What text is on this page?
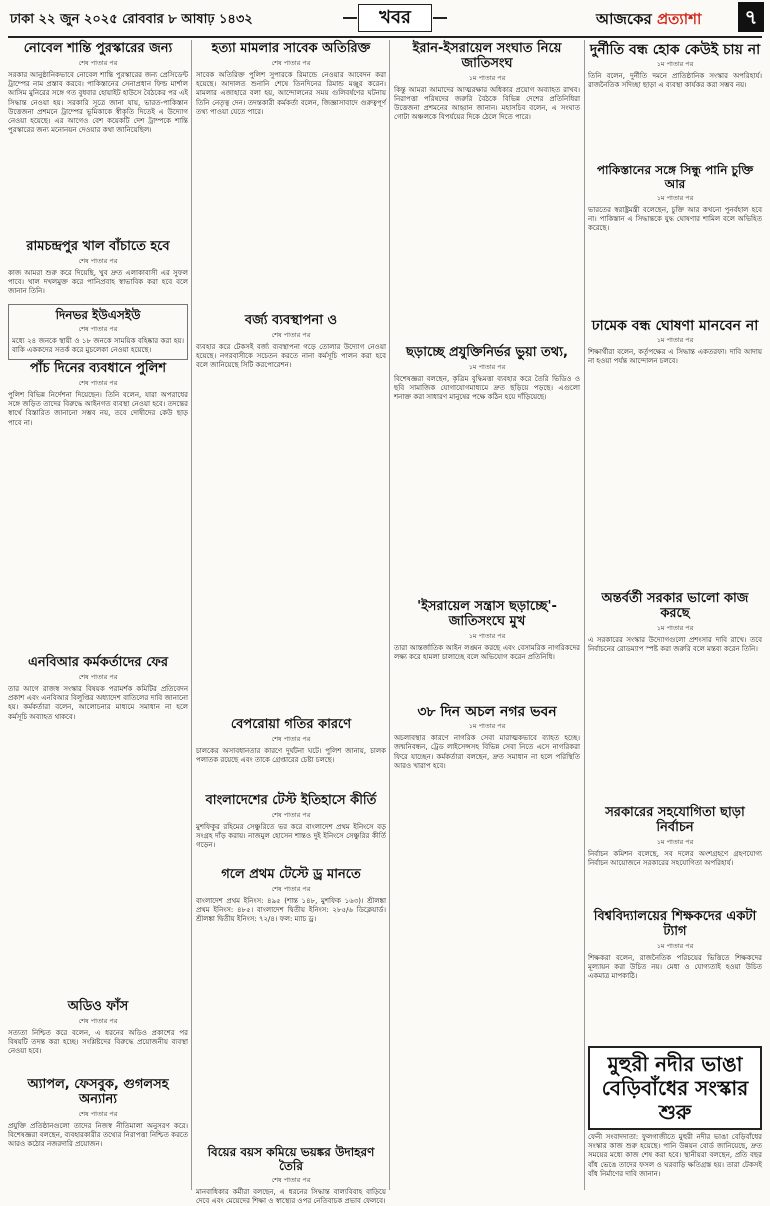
ঢাকা ২২ জুন ২০২৫ রোববার ৮ আষাঢ় ১৪৩২	খবর	আজকের প্রত্যাশা	৭
নোবেল শান্তি পুরস্কারের জন্য
শেষ পাতার পর
সরকার আনুষ্ঠানিকভাবে নোবেল শান্তি পুরস্কারের জন্য প্রেসিডেন্ট ট্রাম্পের নাম প্রস্তাব করবে। পাকিস্তানের সেনাপ্রধান ফিল্ড মার্শাল আসিম মুনিরের সঙ্গে গত বুধবার হোয়াইট হাউসে বৈঠকের পর এই সিদ্ধান্ত নেওয়া হয়। সরকারি সূত্রে জানা যায়, ভারত-পাকিস্তান উত্তেজনা প্রশমনে ট্রাম্পের ভূমিকাকে স্বীকৃতি দিতেই এ উদ্যোগ নেওয়া হয়েছে। এর আগেও বেশ কয়েকটি দেশ ট্রাম্পকে শান্তি পুরস্কারের জন্য মনোনয়ন দেওয়ার কথা জানিয়েছিল।
রামচন্দ্রপুর খাল বাঁচাতে হবে
শেষ পাতার পর
কাজ আমরা শুরু করে দিয়েছি, খুব দ্রুত এলাকাবাসী এর সুফল পাবে। খাল দখলমুক্ত করে পানিপ্রবাহ স্বাভাবিক করা হবে বলে জানান তিনি।
দিনভর ইউএসইউ
শেষ পাতার পর
মধ্যে ২৪ জনকে স্থায়ী ও ১৮ জনকে সাময়িক বহিষ্কার করা হয়। বাকি এককদের সতর্ক করে মুচলেকা নেওয়া হয়েছে।
পাঁচ দিনের ব্যবধানে পুলিশ
শেষ পাতার পর
পুলিশ বিভিন্ন নির্দেশনা দিয়েছেন। তিনি বলেন, যারা অপরাধের সঙ্গে জড়িত তাদের বিরুদ্ধে আইনগত ব্যবস্থা নেওয়া হবে। তদন্তের স্বার্থে বিস্তারিত জানানো সম্ভব নয়, তবে দোষীদের কেউ ছাড় পাবে না।
এনবিআর কর্মকর্তাদের ফের
শেষ পাতার পর
তার আগে রাজস্ব সংস্কার বিষয়ক পরামর্শক কমিটির প্রতিবেদন প্রকাশ এবং এনবিআর বিলুপ্তির অধ্যাদেশ বাতিলের দাবি জানানো হয়। কর্মকর্তারা বলেন, আলোচনার মাধ্যমে সমাধান না হলে কর্মসূচি অব্যাহত থাকবে।
অডিও ফাঁস
শেষ পাতার পর
সত্যতা নিশ্চিত করে বলেন, এ ধরনের অডিও প্রকাশের পর বিষয়টি তদন্ত করা হচ্ছে। সংশ্লিষ্টদের বিরুদ্ধে প্রয়োজনীয় ব্যবস্থা নেওয়া হবে।
অ্যাপল, ফেসবুক, গুগলসহ অন্যান্য
শেষ পাতার পর
প্রযুক্তি প্রতিষ্ঠানগুলো তাদের নিজস্ব নীতিমালা অনুসরণ করে। বিশেষজ্ঞরা বলছেন, ব্যবহারকারীর তথ্যের নিরাপত্তা নিশ্চিত করতে আরও কঠোর নজরদারি প্রয়োজন।
হত্যা মামলার সাবেক অতিরিক্ত
শেষ পাতার পর
সাবেক অতিরিক্ত পুলিশ সুপারকে রিমান্ডে নেওয়ার আবেদন করা হয়েছে। আদালত শুনানি শেষে তিনদিনের রিমান্ড মঞ্জুর করেন। মামলার এজাহারে বলা হয়, আন্দোলনের সময় গুলিবর্ষণের ঘটনায় তিনি নেতৃত্ব দেন। তদন্তকারী কর্মকর্তা বলেন, জিজ্ঞাসাবাদে গুরুত্বপূর্ণ তথ্য পাওয়া যেতে পারে।
বর্জ্য ব্যবস্থাপনা ও
শেষ পাতার পর
ব্যবহার করে টেকসই বর্জ্য ব্যবস্থাপনা গড়ে তোলার উদ্যোগ নেওয়া হয়েছে। নগরবাসীকে সচেতন করতে নানা কর্মসূচি পালন করা হবে বলে জানিয়েছে সিটি করপোরেশন।
বেপরোয়া গতির কারণে
শেষ পাতার পর
চালকের অসাবধানতার কারণে দুর্ঘটনা ঘটে। পুলিশ জানায়, চালক পলাতক রয়েছে এবং তাকে গ্রেপ্তারের চেষ্টা চলছে।
বাংলাদেশের টেস্ট ইতিহাসে কীর্তি
শেষ পাতার পর
মুশফিকুর রহিমের সেঞ্চুরিতে ভর করে বাংলাদেশ প্রথম ইনিংসে বড় সংগ্রহ দাঁড় করায়। নাজমুল হোসেন শান্তও দুই ইনিংসে সেঞ্চুরির কীর্তি গড়েন।
গলে প্রথম টেস্টে ড্র মানতে
শেষ পাতার পর
বাংলাদেশ প্রথম ইনিংস: ৪৯৫ (শান্ত ১৪৮, মুশফিক ১৬৩)। শ্রীলঙ্কা প্রথম ইনিংস: ৪৮৫। বাংলাদেশ দ্বিতীয় ইনিংস: ২৮৫/৬ ডিক্লেয়ার্ড। শ্রীলঙ্কা দ্বিতীয় ইনিংস: ৭২/৪। ফল: ম্যাচ ড্র।
বিয়ের বয়স কমিয়ে ভয়ঙ্কর উদাহরণ তৈরি
শেষ পাতার পর
মানবাধিকার কর্মীরা বলছেন, এ ধরনের সিদ্ধান্ত বাল্যবিবাহ বাড়িয়ে দেবে এবং মেয়েদের শিক্ষা ও স্বাস্থ্যের ওপর নেতিবাচক প্রভাব ফেলবে।
ইরান-ইসরায়েল সংঘাত নিয়ে জাতিসংঘ
১ম পাতার পর
কিন্তু আমরা আমাদের আত্মরক্ষার অধিকার প্রয়োগ অব্যাহত রাখব। নিরাপত্তা পরিষদের জরুরি বৈঠকে বিভিন্ন দেশের প্রতিনিধিরা উত্তেজনা প্রশমনের আহ্বান জানান। মহাসচিব বলেন, এ সংঘাত গোটা অঞ্চলকে বিপর্যয়ের দিকে ঠেলে দিতে পারে।
ছড়াচ্ছে প্রযুক্তিনির্ভর ভুয়া তথ্য,
১ম পাতার পর
বিশেষজ্ঞরা বলছেন, কৃত্রিম বুদ্ধিমত্তা ব্যবহার করে তৈরি ভিডিও ও ছবি সামাজিক যোগাযোগমাধ্যমে দ্রুত ছড়িয়ে পড়ছে। এগুলো শনাক্ত করা সাধারণ মানুষের পক্ষে কঠিন হয়ে দাঁড়িয়েছে।
'ইসরায়েল সন্ত্রাস ছড়াচ্ছে'- জাতিসংঘে মুখ
১ম পাতার পর
তারা আন্তর্জাতিক আইন লঙ্ঘন করছে এবং বেসামরিক নাগরিকদের লক্ষ্য করে হামলা চালাচ্ছে বলে অভিযোগ করেন প্রতিনিধি।
৩৮ দিন অচল নগর ভবন
১ম পাতার পর
অচলাবস্থার কারণে নাগরিক সেবা মারাত্মকভাবে ব্যাহত হচ্ছে। জন্মনিবন্ধন, ট্রেড লাইসেন্সসহ বিভিন্ন সেবা নিতে এসে নাগরিকরা ফিরে যাচ্ছেন। কর্মকর্তারা বলছেন, দ্রুত সমাধান না হলে পরিস্থিতি আরও খারাপ হবে।
দুর্নীতি বন্ধ হোক কেউই চায় না
১ম পাতার পর
তিনি বলেন, দুর্নীতি দমনে প্রাতিষ্ঠানিক সংস্কার অপরিহার্য। রাজনৈতিক সদিচ্ছা ছাড়া এ ব্যবস্থা কার্যকর করা সম্ভব নয়।
পাকিস্তানের সঙ্গে সিন্ধু পানি চুক্তি আর
১ম পাতার পর
ভারতের স্বরাষ্ট্রমন্ত্রী বলেছেন, চুক্তি আর কখনো পুনর্বহাল হবে না। পাকিস্তান এ সিদ্ধান্তকে যুদ্ধ ঘোষণার শামিল বলে অভিহিত করেছে।
ঢামেক বন্ধ ঘোষণা মানবেন না
১ম পাতার পর
শিক্ষার্থীরা বলেন, কর্তৃপক্ষের এ সিদ্ধান্ত একতরফা। দাবি আদায় না হওয়া পর্যন্ত আন্দোলন চলবে।
অন্তর্বর্তী সরকার ভালো কাজ করছে
১ম পাতার পর
এ সরকারের সংস্কার উদ্যোগগুলো প্রশংসার দাবি রাখে। তবে নির্বাচনের রোডম্যাপ স্পষ্ট করা জরুরি বলে মন্তব্য করেন তিনি।
সরকারের সহযোগিতা ছাড়া নির্বাচন
১ম পাতার পর
নির্বাচন কমিশন বলেছে, সব দলের অংশগ্রহণে গ্রহণযোগ্য নির্বাচন আয়োজনে সরকারের সহযোগিতা অপরিহার্য।
বিশ্ববিদ্যালয়ের শিক্ষকদের একটা ট্যাগ
১ম পাতার পর
শিক্ষকরা বলেন, রাজনৈতিক পরিচয়ের ভিত্তিতে শিক্ষকদের মূল্যায়ন করা উচিত নয়। মেধা ও যোগ্যতাই হওয়া উচিত একমাত্র মাপকাঠি।
মুহুরী নদীর ভাঙা
বেড়িবাঁধের সংস্কার শুরু
ফেনী সংবাদদাতা: ফুলগাজীতে মুহুরী নদীর ভাঙা বেড়িবাঁধের সংস্কার কাজ শুরু হয়েছে। পানি উন্নয়ন বোর্ড জানিয়েছে, দ্রুত সময়ের মধ্যে কাজ শেষ করা হবে। স্থানীয়রা বলছেন, প্রতি বছর বাঁধ ভেঙে তাদের ফসল ও ঘরবাড়ি ক্ষতিগ্রস্ত হয়। তারা টেকসই বাঁধ নির্মাণের দাবি জানান।
